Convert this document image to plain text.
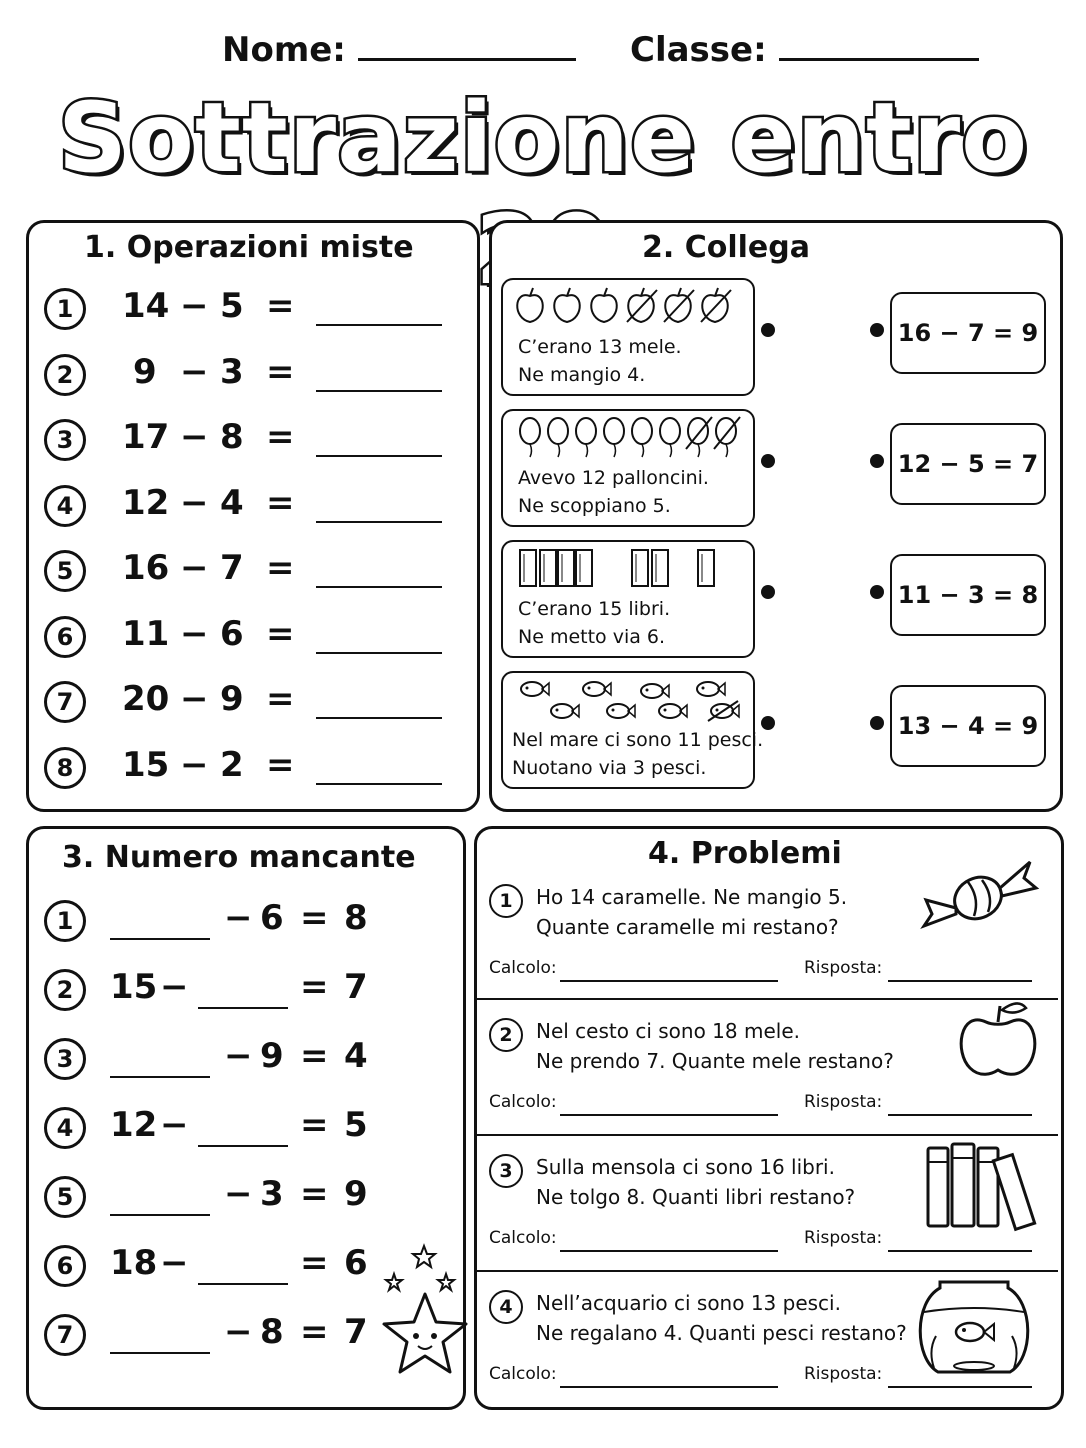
Nome:	Classe:
Sottrazione entro
1. Operazioni miste
1	14 − 5 =
2	9 − 3 =
3	17 − 8 =
4	12 − 4 =
5	16 − 7 =
6	11 − 6 =
7	20 − 9 =
8	15 − 2 =
2. Collega
C’erano 13 mele.
Ne mangio 4.
16 − 7 = 9
Avevo 12 palloncini.
Ne scoppiano 5.
12 − 5 = 7
C’erano 15 libri.
Ne metto via 6.
11 − 3 = 8
Nel mare ci sono 11 pesci.
Nuotano via 3 pesci.
13 − 4 = 9
3. Numero mancante
1	− 6 = 8
2	15 −	= 7
3	− 9 = 4
4	12 −	= 5
5	− 3 = 9
6	18 −	= 6
7	− 8 = 7
4. Problemi
1	Ho 14 caramelle. Ne mangio 5.
Quante caramelle mi restano?
Calcolo:	Risposta:
2	Nel cesto ci sono 18 mele.
Ne prendo 7. Quante mele restano?
Calcolo:	Risposta:
3	Sulla mensola ci sono 16 libri.
Ne tolgo 8. Quanti libri restano?
Calcolo:	Risposta:
4	Nell’acquario ci sono 13 pesci.
Ne regalano 4. Quanti pesci restano?
Calcolo:	Risposta:
